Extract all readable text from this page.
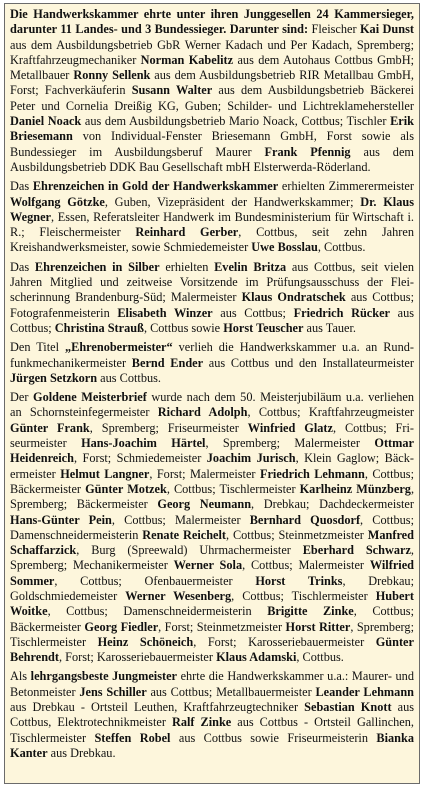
Die Handwerkskammer ehrte unter ihren Junggesellen 24 Kammersieger, darunter 11 Landes- und 3 Bundessieger. Darunter sind: Fleischer Kai Dunst aus dem Ausbildungsbetrieb GbR Werner Kadach und Per Kadach, Spremberg; Kraftfahrzeugmechaniker Norman Kabelitz aus dem Autohaus Cottbus GmbH; Metallbauer Ronny Sellenk aus dem Ausbildungsbetrieb RIR Metallbau GmbH, Forst; Fachverkäuferin Susann Walter aus dem Ausbildungsbetrieb Bäckerei Peter und Cornelia Dreißig KG, Guben; Schilder- und Lichtreklamehersteller Daniel Noack aus dem Ausbildungsbetrieb Mario Noack, Cottbus; Tischler Erik Briesemann von Individual-Fenster Briesemann GmbH, Forst sowie als Bundessieger im Ausbildungsberuf Maurer Frank Pfennig aus dem Ausbildungsbetrieb DDK Bau Gesellschaft mbH Elsterwerda-Röderland.

Das Ehrenzeichen in Gold der Handwerkskammer erhielten Zimmerermeister Wolfgang Götzke, Guben, Vizepräsident der Handwerkskammer; Dr. Klaus Wegner, Essen, Referatsleiter Handwerk im Bundesministerium für Wirtschaft i. R.; Fleischermeister Reinhard Gerber, Cottbus, seit zehn Jahren Kreishandwerksmeister, sowie Schmiedemeister Uwe Bosslau, Cottbus.

Das Ehrenzeichen in Silber erhielten Evelin Britza aus Cottbus, seit vielen Jahren Mitglied und zeitweise Vorsitzende im Prüfungsausschuss der Fleischerinnung Brandenburg-Süd; Malermeister Klaus Ondratschek aus Cottbus; Fotografenmeisterin Elisabeth Winzer aus Cottbus; Friedrich Rücker aus Cottbus; Christina Strauß, Cottbus sowie Horst Teuscher aus Tauer.

Den Titel „Ehrenobermeister“ verlieh die Handwerkskammer u.a. an Rundfunkmechanikermeister Bernd Ender aus Cottbus und den Installateurmeister Jürgen Setzkorn aus Cottbus.

Der Goldene Meisterbrief wurde nach dem 50. Meisterjubiläum u.a. verliehen an Schornsteinfegermeister Richard Adolph, Cottbus; Kraftfahrzeugmeister Günter Frank, Spremberg; Friseurmeister Winfried Glatz, Cottbus; Friseurmeister Hans-Joachim Härtel, Spremberg; Malermeister Ottmar Heidenreich, Forst; Schmiedemeister Joachim Jurisch, Klein Gaglow; Bäckermeister Helmut Langner, Forst; Malermeister Friedrich Lehmann, Cottbus; Bäckermeister Günter Motzek, Cottbus; Tischlermeister Karlheinz Münzberg, Spremberg; Bäckermeister Georg Neumann, Drebkau; Dachdeckermeister Hans-Günter Pein, Cottbus; Malermeister Bernhard Quosdorf, Cottbus; Damenschneidermeisterin Renate Reichelt, Cottbus; Steinmetzmeister Manfred Schaffarzick, Burg (Spreewald) Uhrmachermeister Eberhard Schwarz, Spremberg; Mechanikermeister Werner Sola, Cottbus; Malermeister Wilfried Sommer, Cottbus; Ofenbauermeister Horst Trinks, Drebkau; Goldschmiedemeister Werner Wesenberg, Cottbus; Tischlermeister Hubert Woitke, Cottbus; Damenschneidermeisterin Brigitte Zinke, Cottbus; Bäckermeister Georg Fiedler, Forst; Steinmetzmeister Horst Ritter, Spremberg; Tischlermeister Heinz Schöneich, Forst; Karosseriebauermeister Günter Behrendt, Forst; Karosseriebauermeister Klaus Adamski, Cottbus.

Als lehrgangsbeste Jungmeister ehrte die Handwerkskammer u.a.: Maurer- und Betonmeister Jens Schiller aus Cottbus; Metallbauermeister Leander Lehmann aus Drebkau - Ortsteil Leuthen, Kraftfahrzeugtechniker Sebastian Knott aus Cottbus, Elektrotechnikmeister Ralf Zinke aus Cottbus - Ortsteil Gallinchen, Tischlermeister Steffen Robel aus Cottbus sowie Friseurmeisterin Bianka Kanter aus Drebkau.
